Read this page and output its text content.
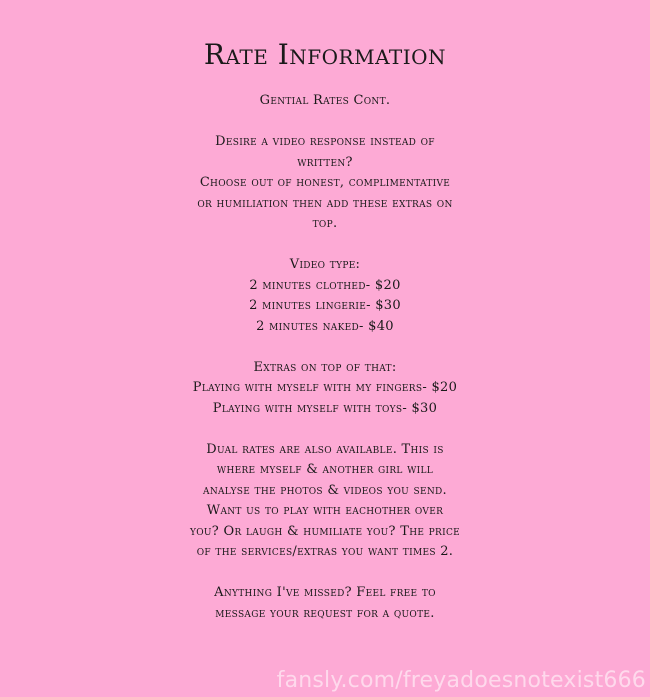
Rate Information
Gential Rates Cont.
Desire a video response instead of
written?
Choose out of honest, complimentative
or humiliation then add these extras on
top.
Video type:
2 minutes clothed- $20
2 minutes lingerie- $30
2 minutes naked- $40
Extras on top of that:
Playing with myself with my fingers- $20
Playing with myself with toys- $30
Dual rates are also available. This is
where myself & another girl will
analyse the photos & videos you send.
Want us to play with eachother over
you? Or laugh & humiliate you? The price
of the services/extras you want times 2.
Anything I've missed? Feel free to
message your request for a quote.
fansly.com/freyadoesnotexist666
